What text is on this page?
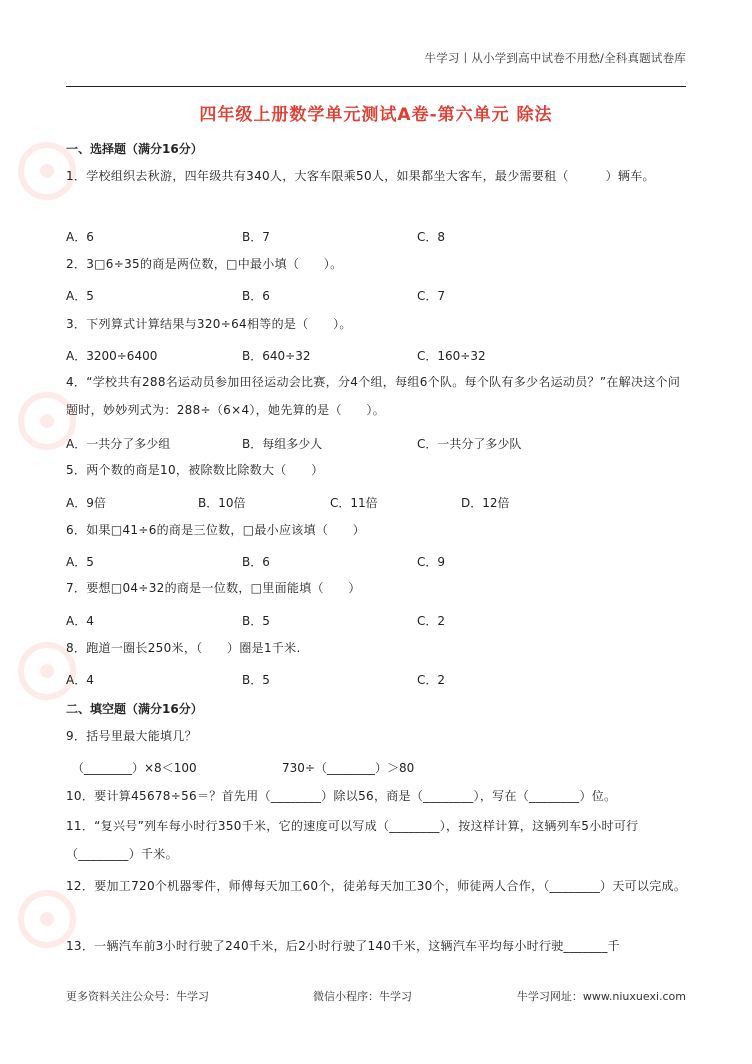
牛学习丨从小学到高中试卷不用愁/全科真题试卷库
四年级上册数学单元测试A卷-第六单元 除法
一、选择题（满分16分）
1．学校组织去秋游，四年级共有340人，大客车限乘50人，如果都坐大客车，最少需要租（　　　）辆车。
A．6	B．7	C．8
2．3□6÷35的商是两位数，□中最小填（　　）。
A．5	B．6	C．7
3．下列算式计算结果与320÷64相等的是（　　）。
A．3200÷6400	B．640÷32	C．160÷32
4．“学校共有288名运动员参加田径运动会比赛，分4个组，每组6个队。每个队有多少名运动员？”在解决这个问题时，妙妙列式为：288÷（6×4），她先算的是（　　）。
A．一共分了多少组	B．每组多少人	C．一共分了多少队
5．两个数的商是10，被除数比除数大（　　）
A．9倍	B．10倍	C．11倍	D．12倍
6．如果□41÷6的商是三位数，□最小应该填（　　）
A．5	B．6	C．9
7．要想□04÷32的商是一位数，□里面能填（　　）
A．4	B．5	C．2
8．跑道一圈长250米，（　　）圈是1千米.
A．4	B．5	C．2
二、填空题（满分16分）
9．括号里最大能填几？
（________）×8＜100	730÷（________）＞80
10．要计算45678÷56＝？首先用（________）除以56，商是（________），写在（________）位。
11．“复兴号”列车每小时行350千米，它的速度可以写成（________），按这样计算，这辆列车5小时可行（________）千米。
12．要加工720个机器零件，师傅每天加工60个，徒弟每天加工30个，师徒两人合作，（________）天可以完成。
13．一辆汽车前3小时行驶了240千米，后2小时行驶了140千米，这辆汽车平均每小时行驶_______千
更多资料关注公众号：牛学习	微信小程序：牛学习	牛学习网址：www.niuxuexi.com
